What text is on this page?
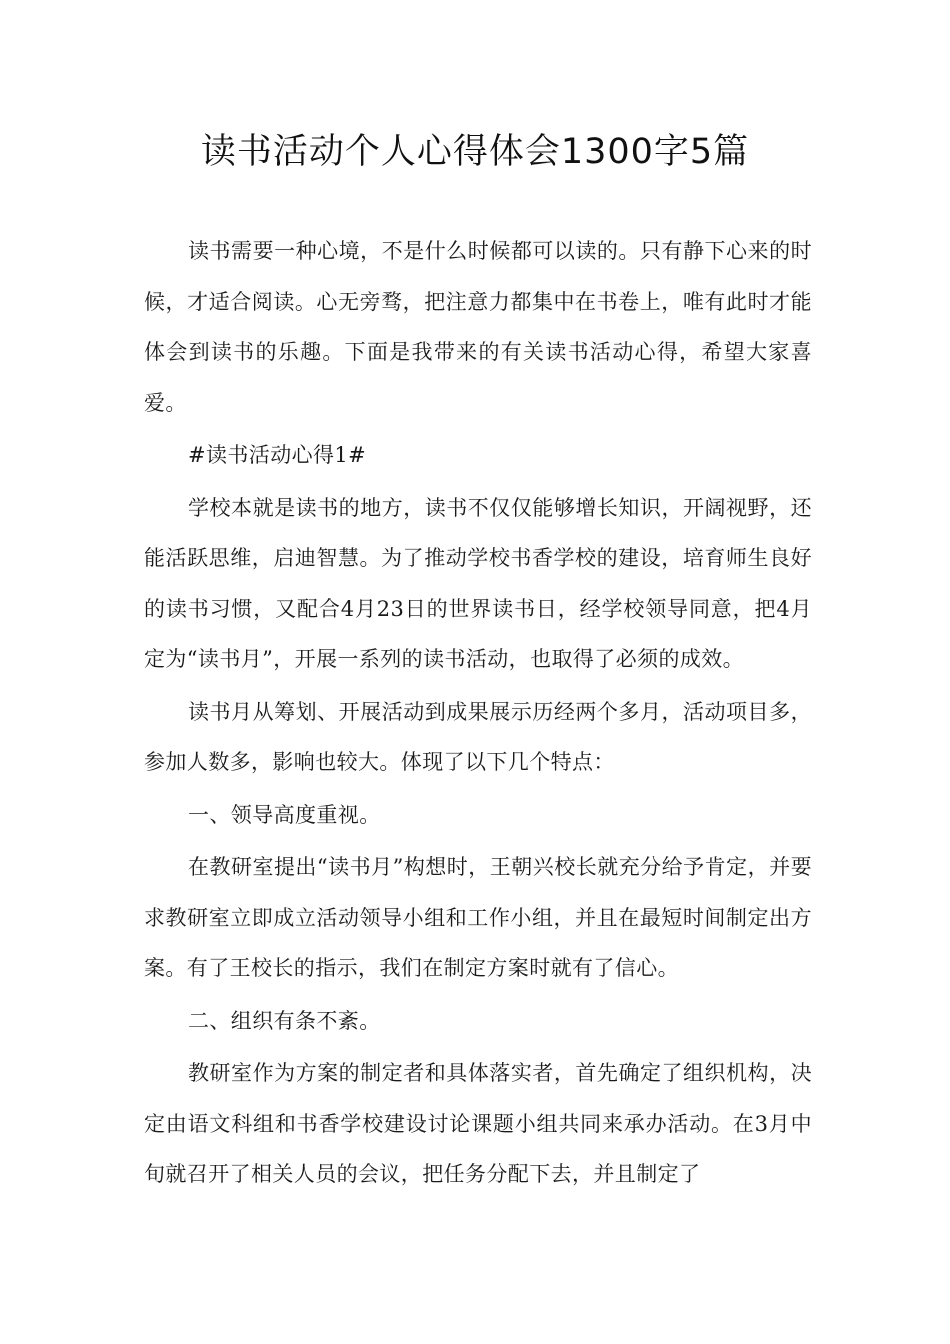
读书活动个人心得体会1300字5篇

读书需要一种心境，不是什么时候都可以读的。只有静下心来的时候，才适合阅读。心无旁骛，把注意力都集中在书卷上，唯有此时才能体会到读书的乐趣。下面是我带来的有关读书活动心得，希望大家喜爱。

#读书活动心得1#

学校本就是读书的地方，读书不仅仅能够增长知识，开阔视野，还能活跃思维，启迪智慧。为了推动学校书香学校的建设，培育师生良好的读书习惯，又配合4月23日的世界读书日，经学校领导同意，把4月定为“读书月”，开展一系列的读书活动，也取得了必须的成效。

读书月从筹划、开展活动到成果展示历经两个多月，活动项目多，参加人数多，影响也较大。体现了以下几个特点：

一、领导高度重视。

在教研室提出“读书月”构想时，王朝兴校长就充分给予肯定，并要求教研室立即成立活动领导小组和工作小组，并且在最短时间制定出方案。有了王校长的指示，我们在制定方案时就有了信心。

二、组织有条不紊。

教研室作为方案的制定者和具体落实者，首先确定了组织机构，决定由语文科组和书香学校建设讨论课题小组共同来承办活动。在3月中旬就召开了相关人员的会议，把任务分配下去，并且制定了
